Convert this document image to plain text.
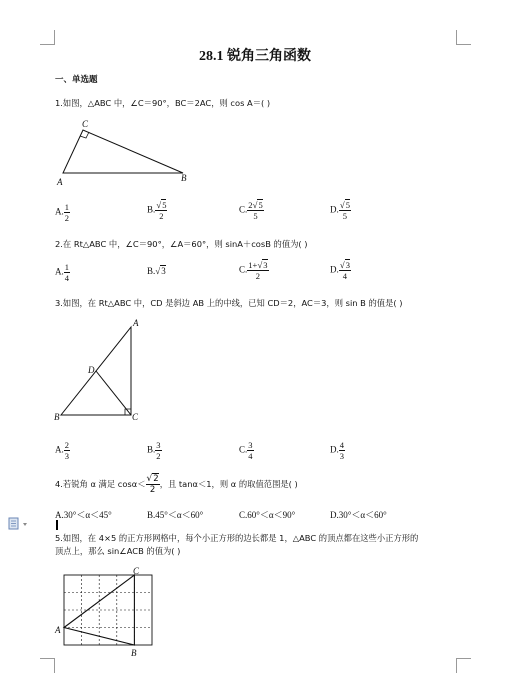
28.1 锐角三角函数
一、单选题
1.如图，△ABC 中，∠C＝90°，BC＝2AC，则 cos A＝( )
C
A	B
A. $\frac{1}{2}$	B. $\frac{√5}{2}$	C. $\frac{2√5}{5}$	D. $\frac{√5}{5}$
2.在 Rt△ABC 中，∠C＝90°，∠A＝60°，则 sinA＋cosB 的值为( )
A. $\frac{1}{4}$	B.√3	C. $\frac{1+√3}{2}$	D. $\frac{√3}{4}$
3.如图，在 Rt△ABC 中，CD 是斜边 AB 上的中线，已知 CD＝2，AC＝3，则 sin B 的值是( )
A
D
B	C
A. $\frac{2}{3}$	B. $\frac{3}{2}$	C. $\frac{3}{4}$	D. $\frac{4}{3}$
4.若锐角 α 满足 $\cos\alpha< \frac{√2}{2}$ ，且 tanα＜1，则 α 的取值范围是( )
A.30°＜α＜45°	B.45°＜α＜60°	C.60°＜α＜90°	D.30°＜α＜60°
5.如图，在 4×5 的正方形网格中，每个小正方形的边长都是 1，△ABC 的顶点都在这些小正方形的
顶点上，那么 sin∠ACB 的值为( )
C
A
B
